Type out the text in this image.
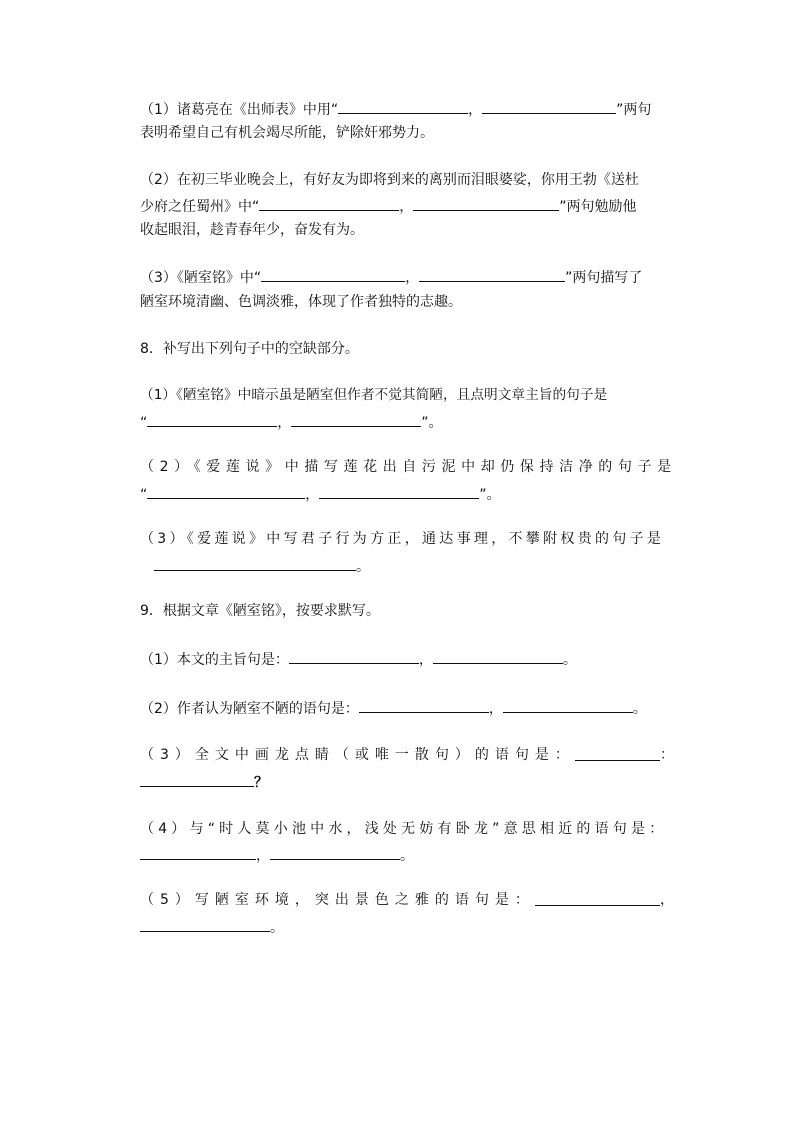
（1）诸葛亮在《出师表》中用“	，	”两句
表明希望自己有机会竭尽所能，铲除奸邪势力。
（2）在初三毕业晚会上，有好友为即将到来的离别而泪眼婆娑，你用王勃《送杜
少府之任蜀州》中“	，	”两句勉励他
收起眼泪，趁青春年少，奋发有为。
（3）《陋室铭》中“	，	”两句描写了
陋室环境清幽、色调淡雅，体现了作者独特的志趣。
8．补写出下列句子中的空缺部分。
（1）《陋室铭》中暗示虽是陋室但作者不觉其简陋，且点明文章主旨的句子是
“	，	”。
（2）《爱莲说》中描写莲花出自污泥中却仍保持洁净的句子是
“	，	”。
（3）《爱莲说》中写君子行为方正，通达事理，不攀附权贵的句子是
。
9．根据文章《陋室铭》，按要求默写。
（1）本文的主旨句是：	，	。
（2）作者认为陋室不陋的语句是：	，	。
（3）全文中画龙点睛（或唯一散句）的语句是：	：
？
（4）与“时人莫小池中水，浅处无妨有卧龙”意思相近的语句是：
，	。
（5）写陋室环境，突出景色之雅的语句是：	，
。
